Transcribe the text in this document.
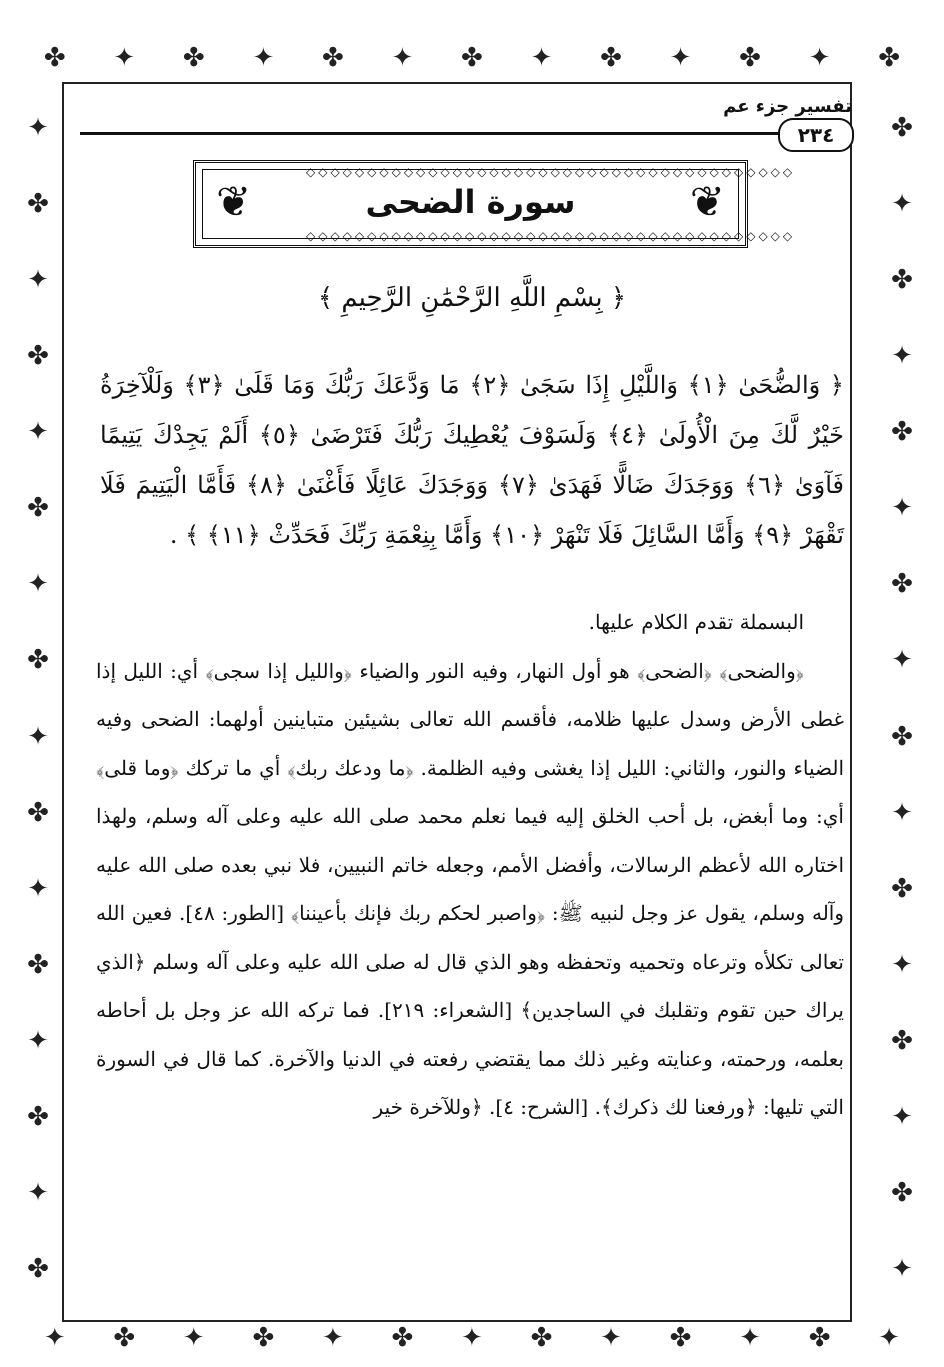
✤ ✦ ✤ ✦ ✤ ✦ ✤ ✦ ✤ ✦ ✤ ✦ ✤
✦ ✤ ✦ ✤ ✦ ✤ ✦ ✤ ✦ ✤ ✦ ✤ ✦
✦
✤
✦
✤
✦
✤
✦
✤
✦
✤
✦
✤
✦
✤
✦
✤
✤
✦
✤
✦
✤
✦
✤
✦
✤
✦
✤
✦
✤
✦
✤
✦
تفسير جزء عم
٢٣٤
◇◇◇◇◇◇◇◇◇◇◇◇◇◇◇◇◇◇◇◇◇◇◇◇◇◇◇◇◇◇◇◇◇◇◇◇◇◇◇◇
◇◇◇◇◇◇◇◇◇◇◇◇◇◇◇◇◇◇◇◇◇◇◇◇◇◇◇◇◇◇◇◇◇◇◇◇◇◇◇◇
❦	❦
سورة الضحى
﴿ بِسْمِ اللَّهِ الرَّحْمَٰنِ الرَّحِيمِ ﴾
﴿ وَالضُّحَىٰ ﴿١﴾ وَاللَّيْلِ إِذَا سَجَىٰ ﴿٢﴾ مَا وَدَّعَكَ رَبُّكَ وَمَا قَلَىٰ ﴿٣﴾ وَلَلْآخِرَةُ خَيْرٌ لَّكَ مِنَ الْأُولَىٰ ﴿٤﴾ وَلَسَوْفَ يُعْطِيكَ رَبُّكَ فَتَرْضَىٰ ﴿٥﴾ أَلَمْ يَجِدْكَ يَتِيمًا فَآوَىٰ ﴿٦﴾ وَوَجَدَكَ ضَالًّا فَهَدَىٰ ﴿٧﴾ وَوَجَدَكَ عَائِلًا فَأَغْنَىٰ ﴿٨﴾ فَأَمَّا الْيَتِيمَ فَلَا تَقْهَرْ ﴿٩﴾ وَأَمَّا السَّائِلَ فَلَا تَنْهَرْ ﴿١٠﴾ وَأَمَّا بِنِعْمَةِ رَبِّكَ فَحَدِّثْ ﴿١١﴾ ﴾ .

البسملة تقدم الكلام عليها.

﴿والضحى﴾ ﴿الضحى﴾ هو أول النهار، وفيه النور والضياء ﴿والليل إذا سجى﴾ أي: الليل إذا غطى الأرض وسدل عليها ظلامه، فأقسم الله تعالى بشيئين متباينين أولهما: الضحى وفيه الضياء والنور، والثاني: الليل إذا يغشى وفيه الظلمة. ﴿ما ودعك ربك﴾ أي ما تركك ﴿وما قلى﴾ أي: وما أبغض، بل أحب الخلق إليه فيما نعلم محمد صلى الله عليه وعلى آله وسلم، ولهذا اختاره الله لأعظم الرسالات، وأفضل الأمم، وجعله خاتم النبيين، فلا نبي بعده صلى الله عليه وآله وسلم، يقول عز وجل لنبيه ﷺ: ﴿واصبر لحكم ربك فإنك بأعيننا﴾ [الطور: ٤٨]. فعين الله تعالى تكلأه وترعاه وتحميه وتحفظه وهو الذي قال له صلى الله عليه وعلى آله وسلم ﴿الذي يراك حين تقوم وتقلبك في الساجدين﴾ [الشعراء: ٢١٩]. فما تركه الله عز وجل بل أحاطه بعلمه، ورحمته، وعنايته وغير ذلك مما يقتضي رفعته في الدنيا والآخرة. كما قال في السورة التي تليها: ﴿ورفعنا لك ذكرك﴾. [الشرح: ٤]. ﴿وللآخرة خير
